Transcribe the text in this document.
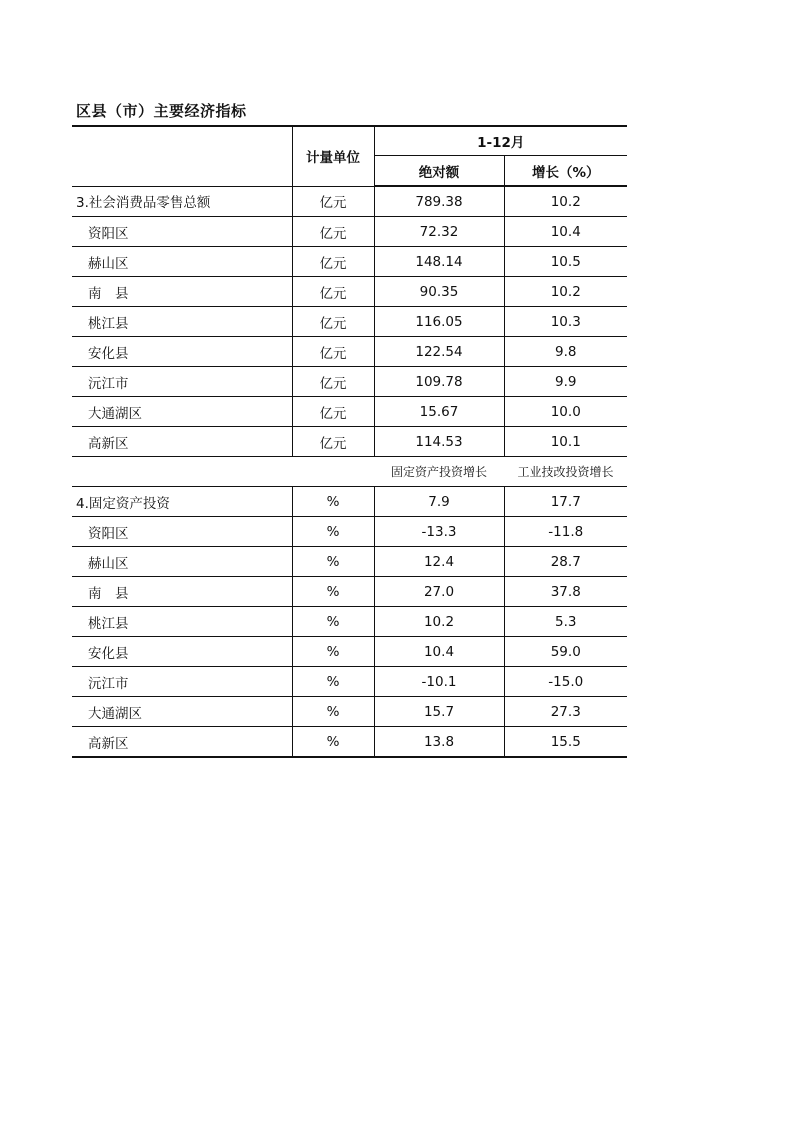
区县（市）主要经济指标
	计量单位	1-12月	
		绝对额	增长（%）
3.社会消费品零售总额	亿元	789.38	10.2
资阳区	亿元	72.32	10.4
赫山区	亿元	148.14	10.5
南　县	亿元	90.35	10.2
桃江县	亿元	116.05	10.3
安化县	亿元	122.54	9.8
沅江市	亿元	109.78	9.9
大通湖区	亿元	15.67	10.0
高新区	亿元	114.53	10.1
		固定资产投资增长	工业技改投资增长
4.固定资产投资	%	7.9	17.7
资阳区	%	-13.3	-11.8
赫山区	%	12.4	28.7
南　县	%	27.0	37.8
桃江县	%	10.2	5.3
安化县	%	10.4	59.0
沅江市	%	-10.1	-15.0
大通湖区	%	15.7	27.3
高新区	%	13.8	15.5
